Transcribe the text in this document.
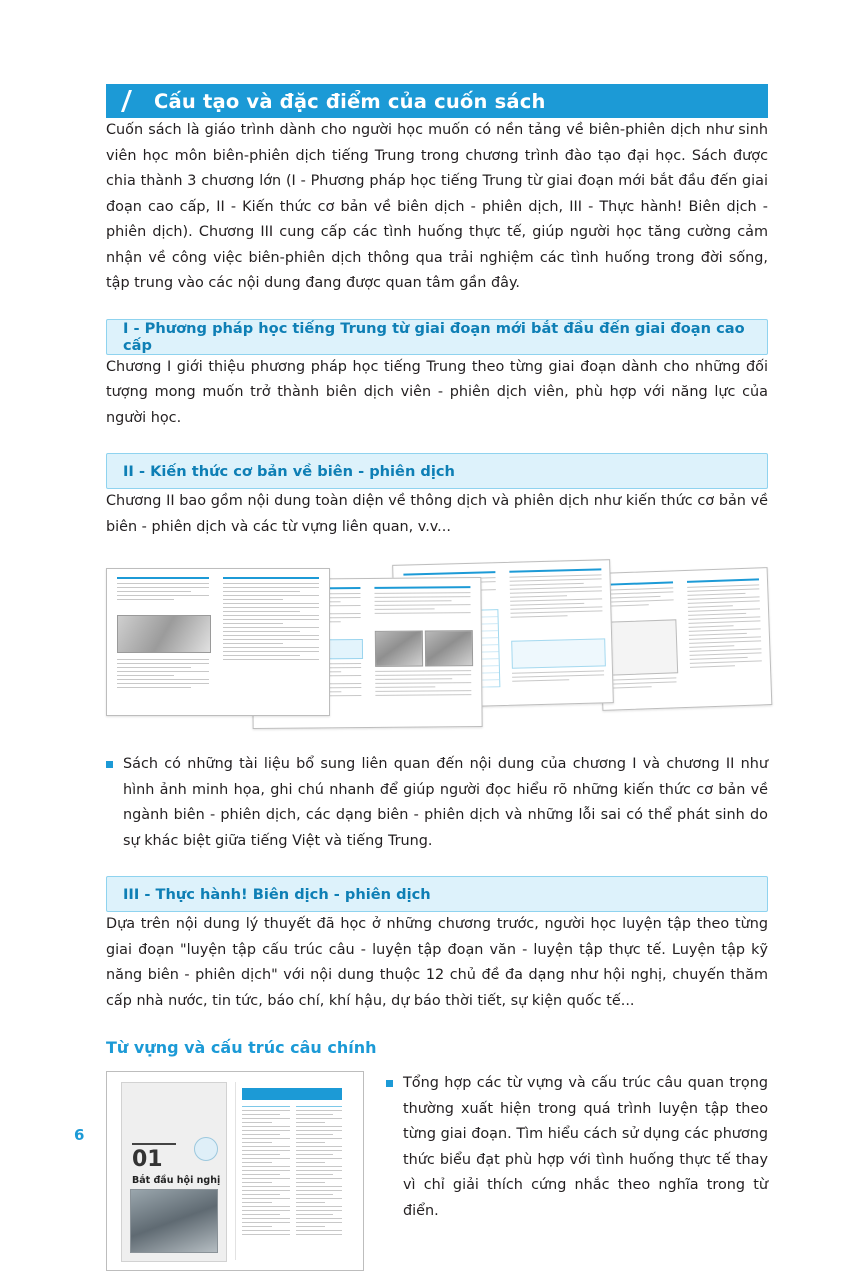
Cấu tạo và đặc điểm của cuốn sách

Cuốn sách là giáo trình dành cho người học muốn có nền tảng về biên-phiên dịch như sinh viên học môn biên-phiên dịch tiếng Trung trong chương trình đào tạo đại học. Sách được chia thành 3 chương lớn (I - Phương pháp học tiếng Trung từ giai đoạn mới bắt đầu đến giai đoạn cao cấp, II - Kiến thức cơ bản về biên dịch - phiên dịch, III - Thực hành! Biên dịch - phiên dịch). Chương III cung cấp các tình huống thực tế, giúp người học tăng cường cảm nhận về công việc biên-phiên dịch thông qua trải nghiệm các tình huống trong đời sống, tập trung vào các nội dung đang được quan tâm gần đây.

I - Phương pháp học tiếng Trung từ giai đoạn mới bắt đầu đến giai đoạn cao cấp

Chương I giới thiệu phương pháp học tiếng Trung theo từng giai đoạn dành cho những đối tượng mong muốn trở thành biên dịch viên - phiên dịch viên, phù hợp với năng lực của người học.

II - Kiến thức cơ bản về biên - phiên dịch

Chương II bao gồm nội dung toàn diện về thông dịch và phiên dịch như kiến thức cơ bản về biên - phiên dịch và các từ vựng liên quan, v.v...

Sách có những tài liệu bổ sung liên quan đến nội dung của chương I và chương II như hình ảnh minh họa, ghi chú nhanh để giúp người đọc hiểu rõ những kiến thức cơ bản về ngành biên - phiên dịch, các dạng biên - phiên dịch và những lỗi sai có thể phát sinh do sự khác biệt giữa tiếng Việt và tiếng Trung.
III - Thực hành! Biên dịch - phiên dịch

Dựa trên nội dung lý thuyết đã học ở những chương trước, người học luyện tập theo từng giai đoạn "luyện tập cấu trúc câu - luyện tập đoạn văn - luyện tập thực tế. Luyện tập kỹ năng biên - phiên dịch" với nội dung thuộc 12 chủ đề đa dạng như hội nghị, chuyến thăm cấp nhà nước, tin tức, báo chí, khí hậu, dự báo thời tiết, sự kiện quốc tế...

Từ vựng và cấu trúc câu chính
01
Bắt đầu hội nghị
Tổng hợp các từ vựng và cấu trúc câu quan trọng thường xuất hiện trong quá trình luyện tập theo từng giai đoạn. Tìm hiểu cách sử dụng các phương thức biểu đạt phù hợp với tình huống thực tế thay vì chỉ giải thích cứng nhắc theo nghĩa trong từ điển.
6
